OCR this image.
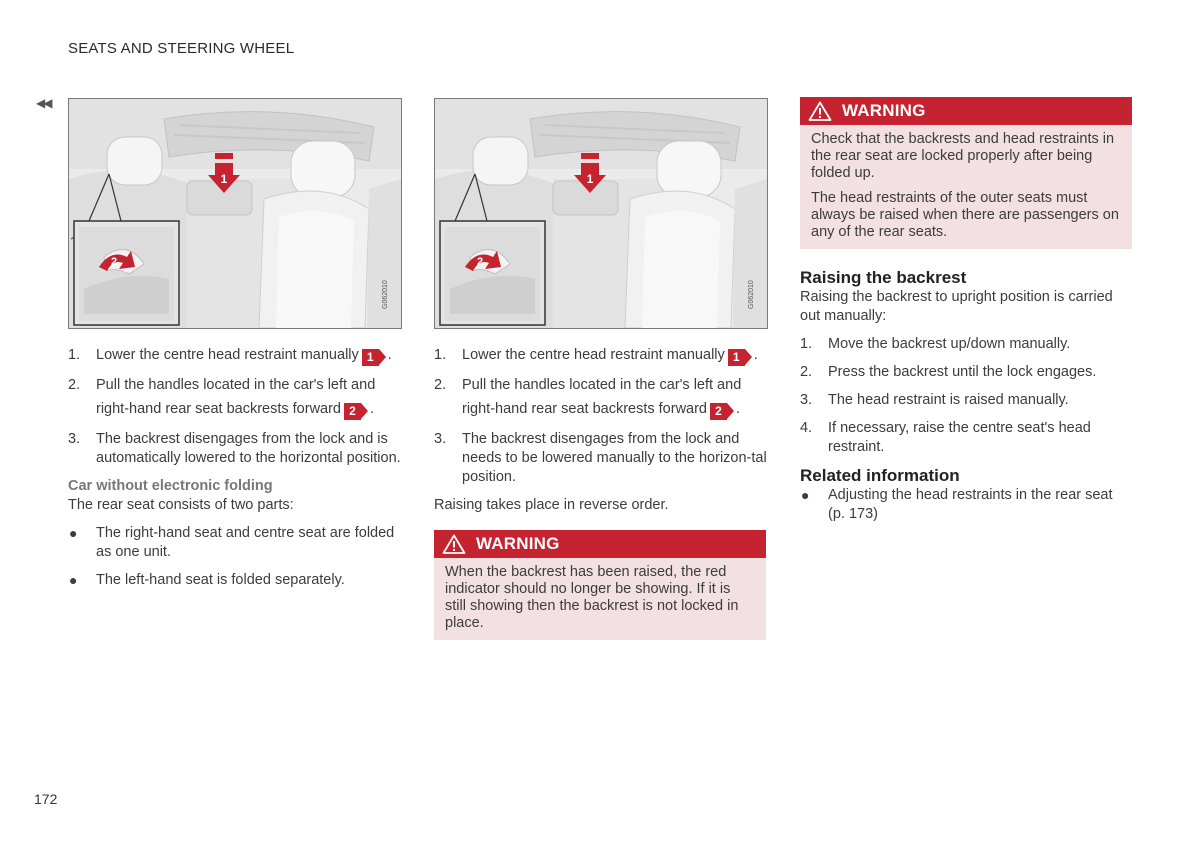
SEATS AND STEERING WHEEL
◀◀
172
1
2
G062010
1
2
G062010
1. Lower the centre head restraint manually 1 .
2. Pull the handles located in the car's left and right-hand rear seat backrests forward 2 .
3. The backrest disengages from the lock and is automatically lowered to the horizontal position.
Car without electronic folding

The rear seat consists of two parts:

● The right-hand seat and centre seat are folded as one unit.
● The left-hand seat is folded separately.
1. Lower the centre head restraint manually 1 .
2. Pull the handles located in the car's left and right-hand rear seat backrests forward 2 .
3. The backrest disengages from the lock and needs to be lowered manually to the horizon-tal position.

Raising takes place in reverse order.

WARNING

When the backrest has been raised, the red indicator should no longer be showing. If it is still showing then the backrest is not locked in place.

WARNING

Check that the backrests and head restraints in the rear seat are locked properly after being folded up.

The head restraints of the outer seats must always be raised when there are passengers on any of the rear seats.

Raising the backrest

Raising the backrest to upright position is carried out manually:

1. Move the backrest up/down manually.
2. Press the backrest until the lock engages.
3. The head restraint is raised manually.
4. If necessary, raise the centre seat's head restraint.
Related information
● Adjusting the head restraints in the rear seat (p. 173)
